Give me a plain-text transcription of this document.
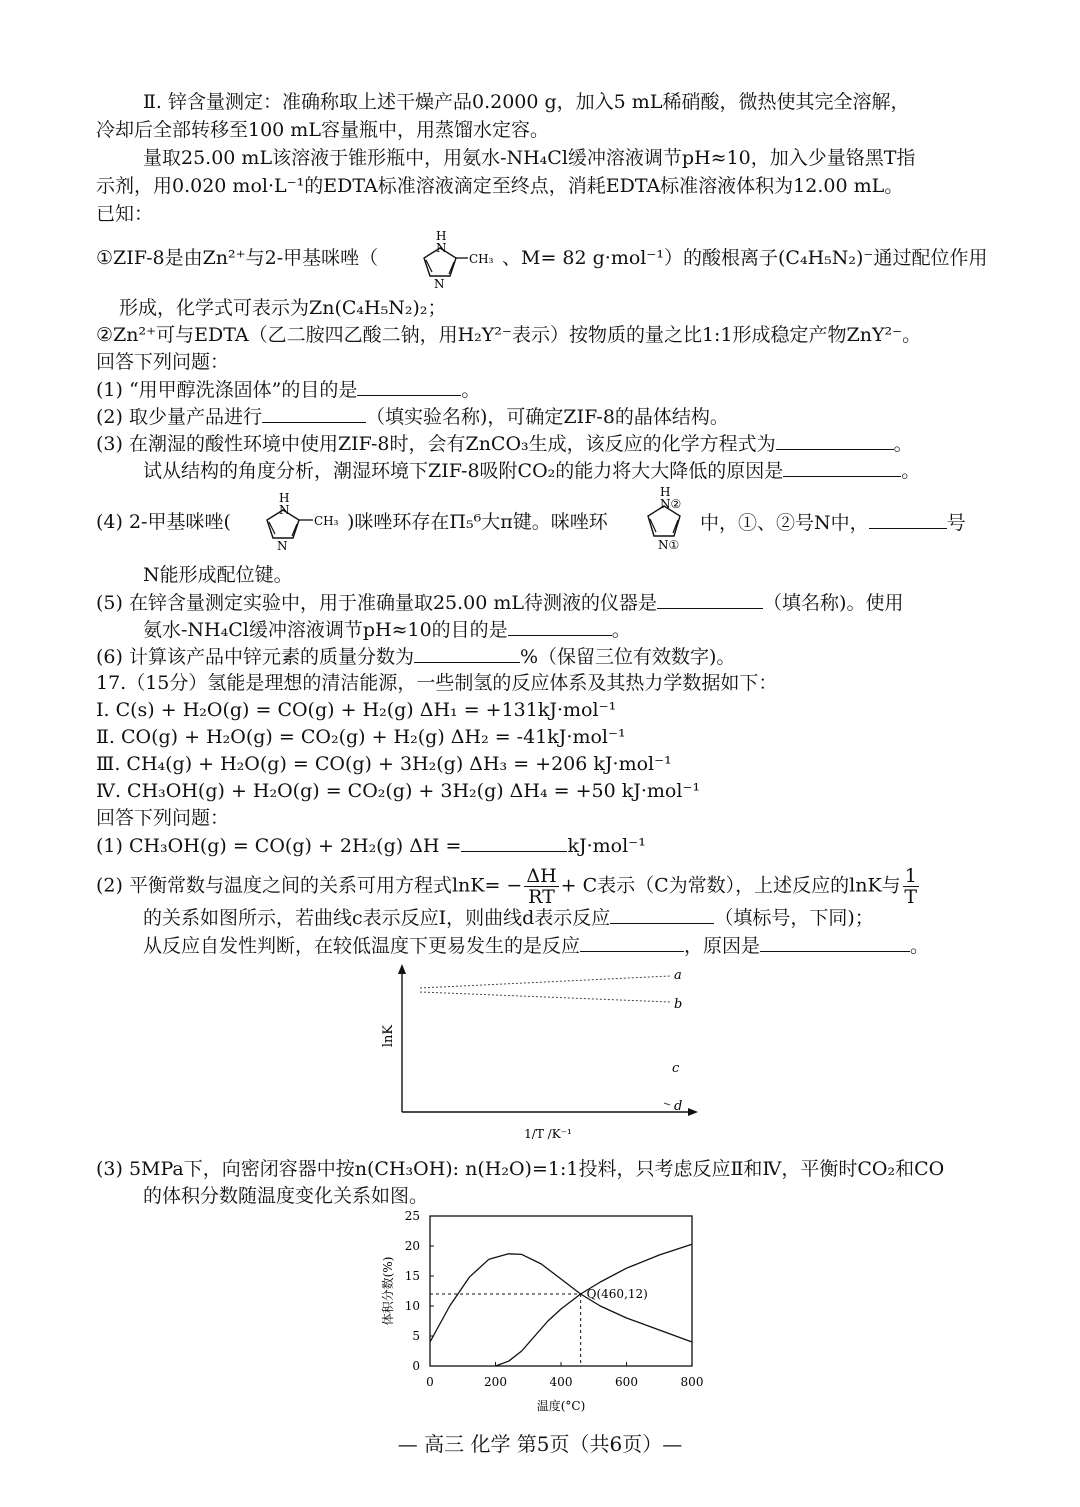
Ⅱ. 锌含量测定：准确称取上述干燥产品0.2000 g，加入5 mL稀硝酸，微热使其完全溶解，
冷却后全部转移至100 mL容量瓶中，用蒸馏水定容。
量取25.00 mL该溶液于锥形瓶中，用氨水-NH₄Cl缓冲溶液调节pH≈10，加入少量铬黑T指
示剂，用0.020 mol·L⁻¹的EDTA标准溶液滴定至终点，消耗EDTA标准溶液体积为12.00 mL。
已知：
①ZIF-8是由Zn²⁺与2-甲基咪唑（
H
N
N
CH₃ 、M= 82 g·mol⁻¹）的酸根离子(C₄H₅N₂)⁻通过配位作用
形成，化学式可表示为Zn(C₄H₅N₂)₂；
②Zn²⁺可与EDTA（乙二胺四乙酸二钠，用H₂Y²⁻表示）按物质的量之比1:1形成稳定产物ZnY²⁻。
回答下列问题：
(1) “用甲醇洗涤固体”的目的是	。
(2) 取少量产品进行	（填实验名称)，可确定ZIF-8的晶体结构。
(3) 在潮湿的酸性环境中使用ZIF-8时，会有ZnCO₃生成，该反应的化学方程式为	。
试从结构的角度分析，潮湿环境下ZIF-8吸附CO₂的能力将大大降低的原因是	。
(4) 2-甲基咪唑(
H
N
N
CH₃ )咪唑环存在Π₅⁶大π键。咪唑环
H
N②
N①
中，①、②号N中，	号
N能形成配位键。
(5) 在锌含量测定实验中，用于准确量取25.00 mL待测液的仪器是	（填名称)。使用
氨水-NH₄Cl缓冲溶液调节pH≈10的目的是	。
(6) 计算该产品中锌元素的质量分数为	%（保留三位有效数字)。
17.（15分）氢能是理想的清洁能源，一些制氢的反应体系及其热力学数据如下：
Ⅰ. C(s) + H₂O(g) = CO(g) + H₂(g) ΔH₁ = +131kJ·mol⁻¹
Ⅱ. CO(g) + H₂O(g) = CO₂(g) + H₂(g) ΔH₂ = -41kJ·mol⁻¹
Ⅲ. CH₄(g) + H₂O(g) = CO(g) + 3H₂(g) ΔH₃ = +206 kJ·mol⁻¹
Ⅳ. CH₃OH(g) + H₂O(g) = CO₂(g) + 3H₂(g) ΔH₄ = +50 kJ·mol⁻¹
回答下列问题：
(1) CH₃OH(g) = CO(g) + 2H₂(g) ΔH =	kJ·mol⁻¹
(2) 平衡常数与温度之间的关系可用方程式$\ln K= - \frac{\Delta H}{RT} + C$表示（C为常数），上述反应的lnK与 $\frac{1}{T}$
的关系如图所示，若曲线c表示反应Ⅰ，则曲线d表示反应	（填标号，下同)；
从反应自发性判断，在较低温度下更易发生的是反应	，原因是	。
a
b
c
d
lnK
1/T /K⁻¹
(3) 5MPa下，向密闭容器中按n(CH₃OH): n(H₂O)=1:1投料，只考虑反应Ⅱ和Ⅳ，平衡时CO₂和CO
的体积分数随温度变化关系如图。
0
5
10
15
20
25
0	200	400	600	800
Q(460,12)
体积分数(%)
温度(°C)
— 高三 化学 第5页（共6页）—
